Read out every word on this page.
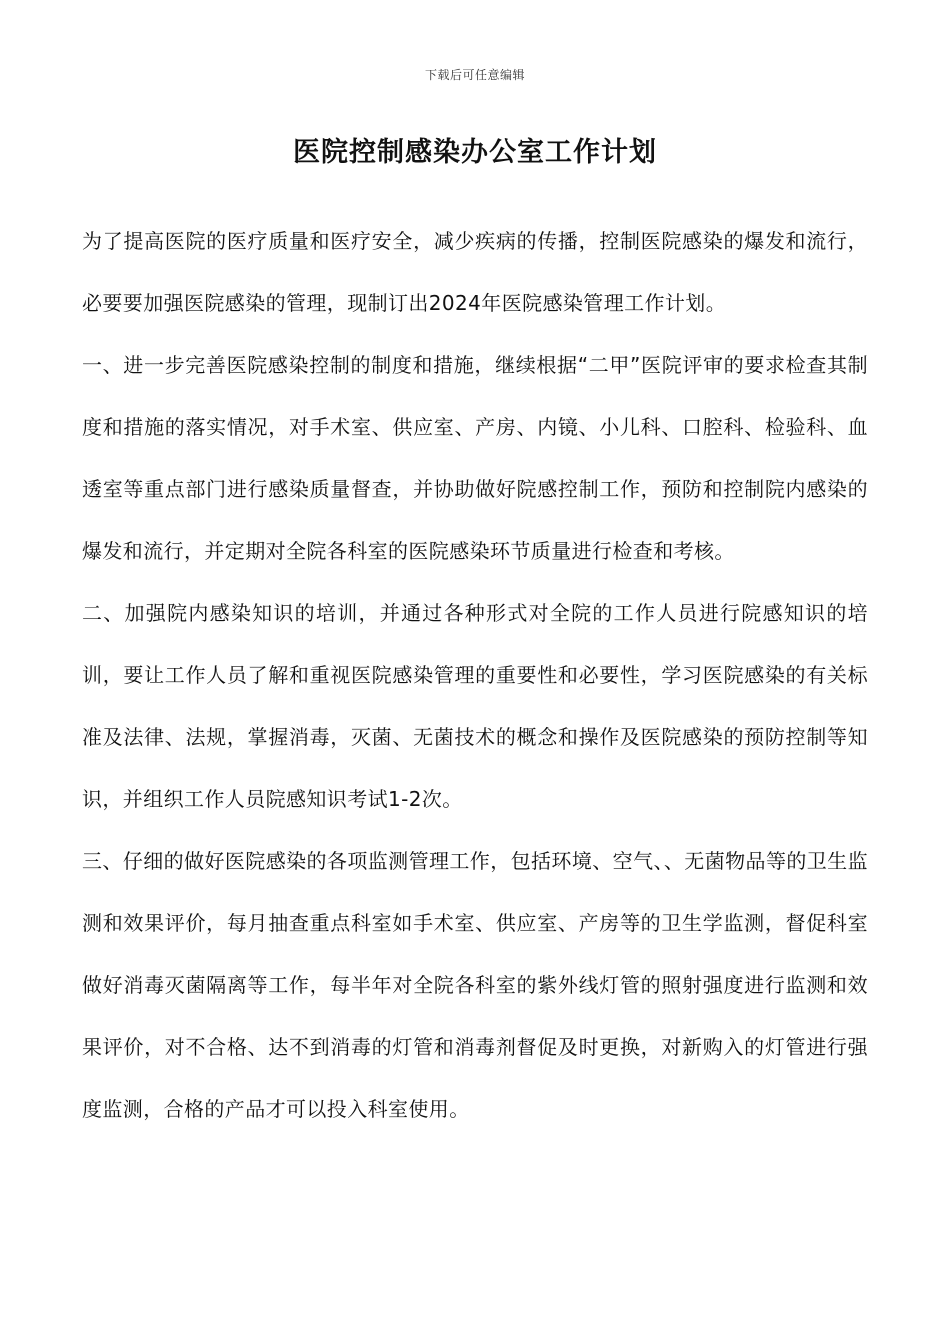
下载后可任意编辑
医院控制感染办公室工作计划

为了提高医院的医疗质量和医疗安全，减少疾病的传播，控制医院感染的爆发和流行，必要要加强医院感染的管理，现制订出2024年医院感染管理工作计划。

一、进一步完善医院感染控制的制度和措施，继续根据“二甲”医院评审的要求检查其制度和措施的落实情况，对手术室、供应室、产房、内镜、小儿科、口腔科、检验科、血透室等重点部门进行感染质量督查，并协助做好院感控制工作，预防和控制院内感染的爆发和流行，并定期对全院各科室的医院感染环节质量进行检查和考核。

二、加强院内感染知识的培训，并通过各种形式对全院的工作人员进行院感知识的培训，要让工作人员了解和重视医院感染管理的重要性和必要性，学习医院感染的有关标准及法律、法规，掌握消毒，灭菌、无菌技术的概念和操作及医院感染的预防控制等知识，并组织工作人员院感知识考试1-2次。

三、仔细的做好医院感染的各项监测管理工作，包括环境、空气、、无菌物品等的卫生监测和效果评价，每月抽查重点科室如手术室、供应室、产房等的卫生学监测，督促科室做好消毒灭菌隔离等工作，每半年对全院各科室的紫外线灯管的照射强度进行监测和效果评价，对不合格、达不到消毒的灯管和消毒剂督促及时更换，对新购入的灯管进行强度监测，合格的产品才可以投入科室使用。
